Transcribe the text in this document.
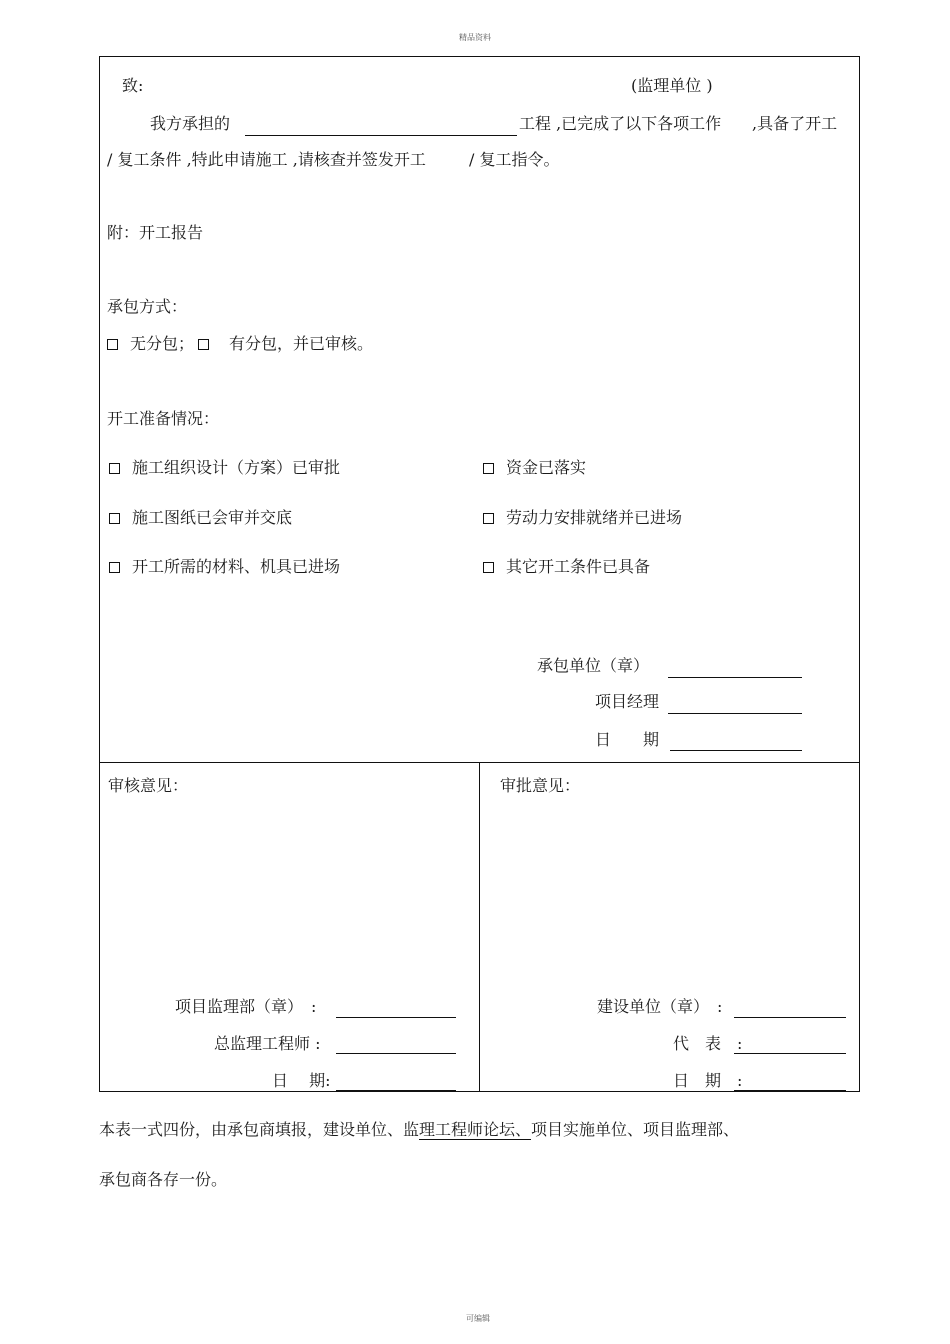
精品资料
可编辑
致:	(监理单位 )
我方承担的	工程 ,已完成了以下各项工作 ,具备了开工
/ 复工条件 ,特此申请施工 ,请核查并签发开工	/ 复工指令。
附：开工报告
承包方式：
无分包； 有分包，并已审核。
开工准备情况：
施工组织设计（方案）已审批	资金已落实
施工图纸已会审并交底	劳动力安排就绪并已进场
开工所需的材料、机具已进场	其它开工条件已具备
承包单位（章）
项目经理
日　　期
审核意见：
项目监理部（章）　:
总监理工程师 :
日　 期:
审批意见：
建设单位（章）　:
代　表　:
日　期　:
本表一式四份，由承包商填报，建设单位、监理工程师论坛、项目实施单位、项目监理部、
承包商各存一份。
